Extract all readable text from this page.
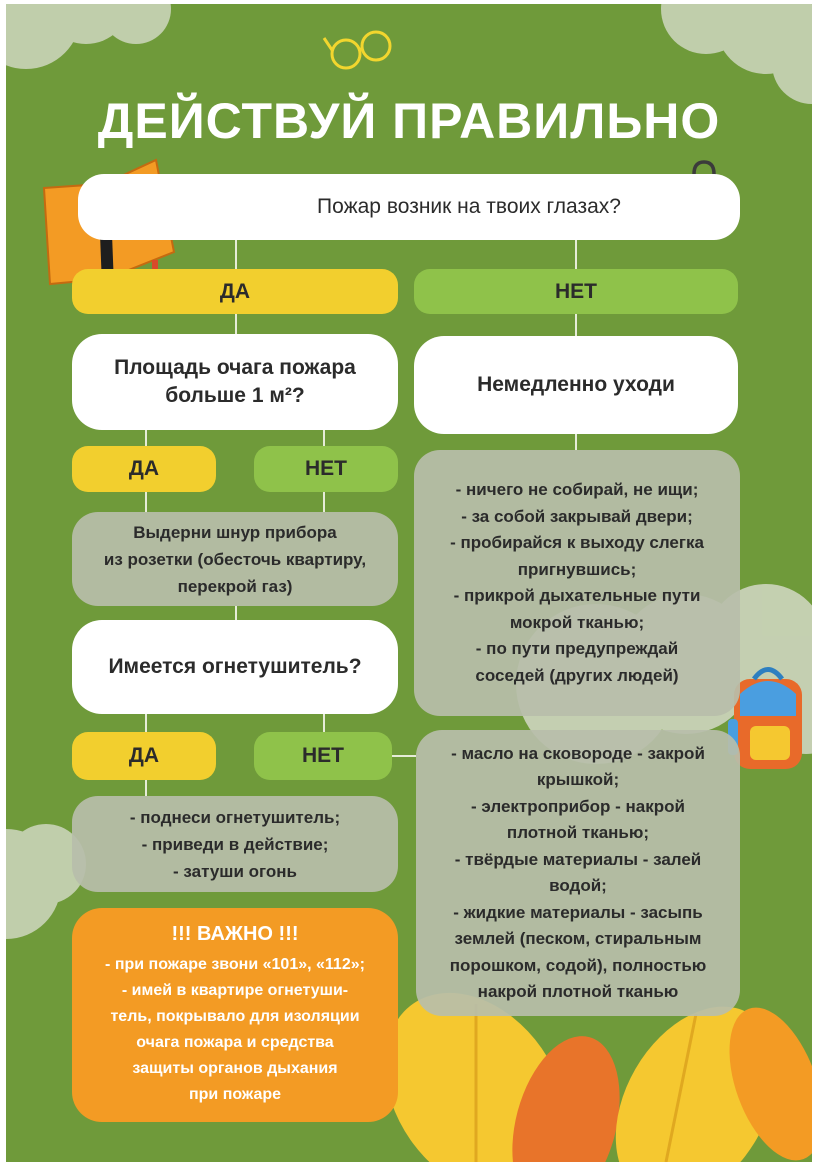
ДЕЙСТВУЙ ПРАВИЛЬНО
Пожар возник на твоих глазах?
ДА	НЕТ
Площадь очага пожара больше 1 м²?	Немедленно уходи
ДА	НЕТ
- ничего не собирай, не ищи;
- за собой закрывай двери;
- пробирайся к выходу слегка
пригнувшись;
- прикрой дыхательные пути
мокрой тканью;
- по пути предупреждай
соседей (других людей)
Выдерни шнур прибора
из розетки (обесточь квартиру,
перекрой газ)
Имеется огнетушитель?
ДА	НЕТ	- масло на сковороде - закрой
крышкой;
- электроприбор - накрой
плотной тканью;
- твёрдые материалы - залей
водой;
- жидкие материалы - засыпь
землей (песком, стиральным
порошком, содой), полностью
накрой плотной тканью
- поднеси огнетушитель;
- приведи в действие;
- затуши огонь
!!! ВАЖНО !!!
- при пожаре звони «101», «112»;
- имей в квартире огнетуши-
тель, покрывало для изоляции
очага пожара и средства
защиты органов дыхания
при пожаре
